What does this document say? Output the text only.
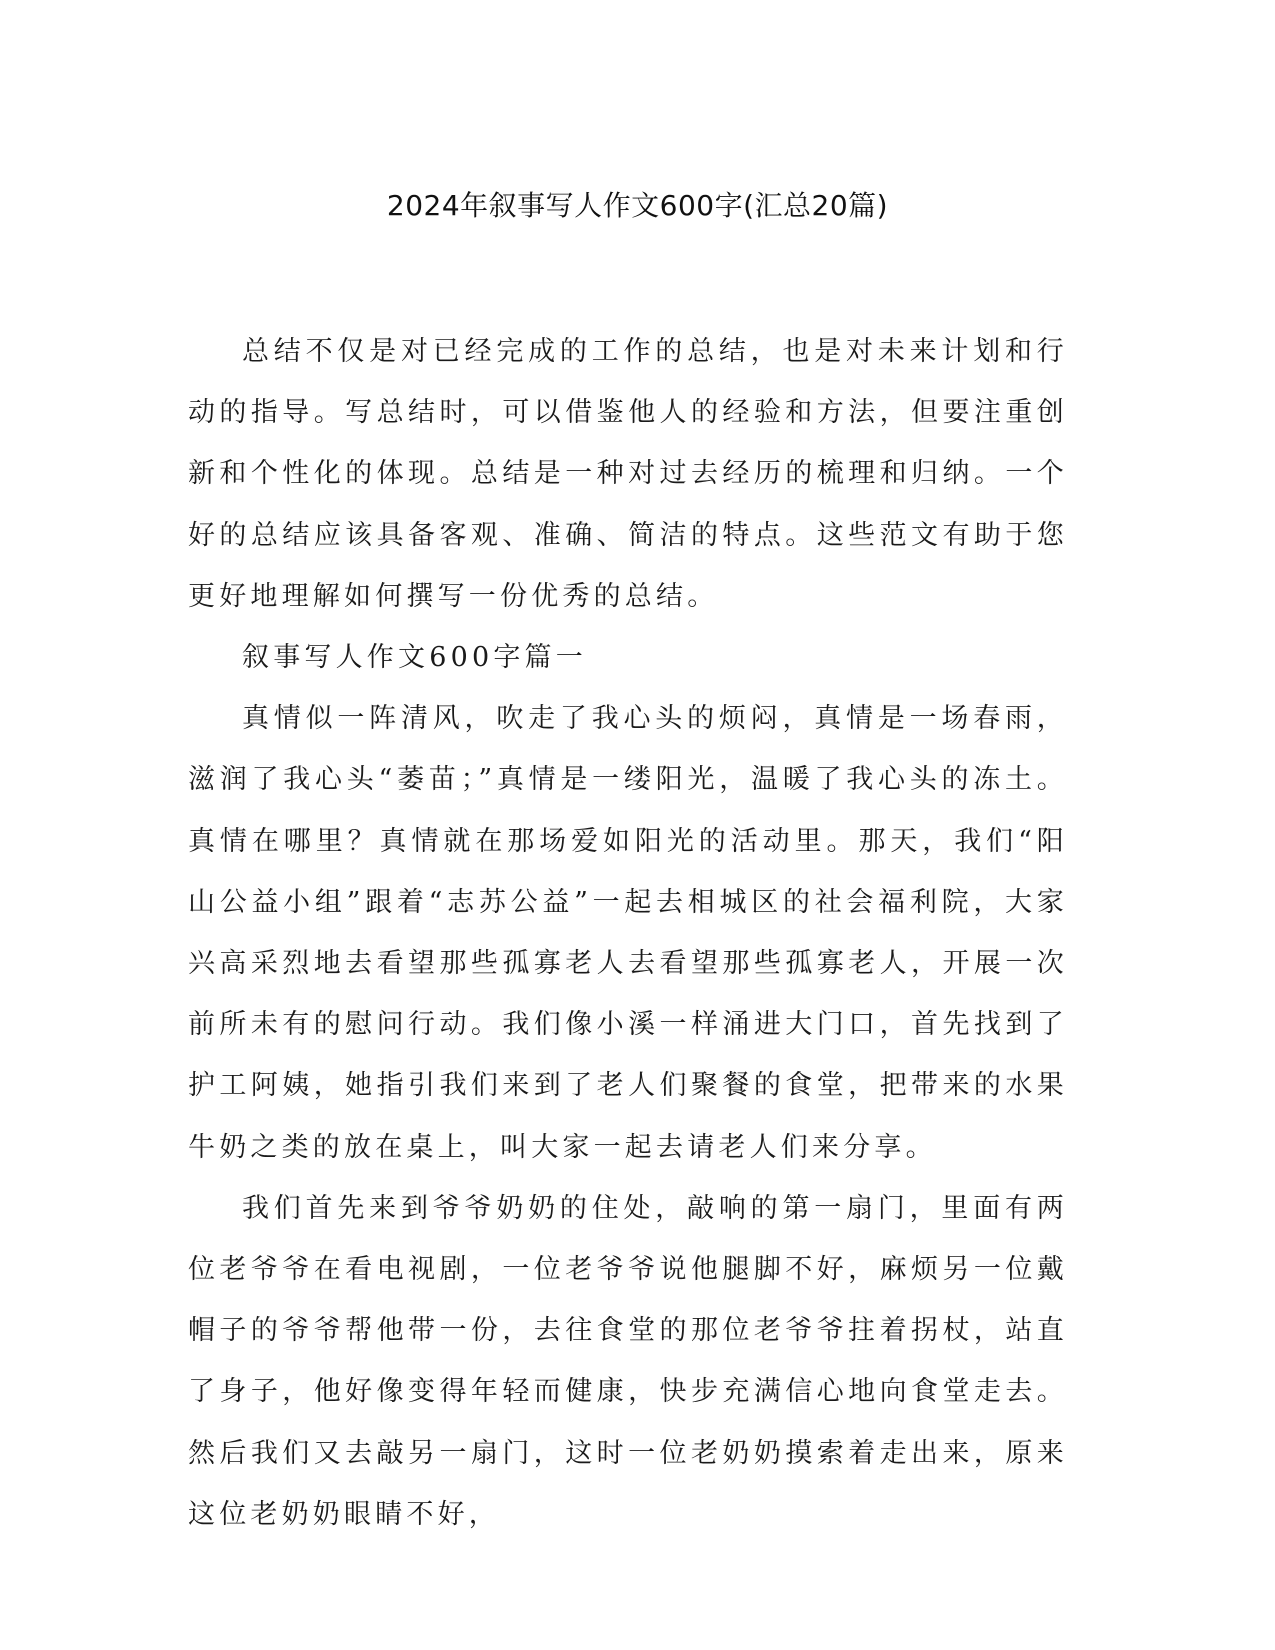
2024年叙事写人作文600字(汇总20篇)

总结不仅是对已经完成的工作的总结，也是对未来计划和行动的指导。写总结时，可以借鉴他人的经验和方法，但要注重创新和个性化的体现。总结是一种对过去经历的梳理和归纳。一个好的总结应该具备客观、准确、简洁的特点。这些范文有助于您更好地理解如何撰写一份优秀的总结。

叙事写人作文600字篇一

真情似一阵清风，吹走了我心头的烦闷，真情是一场春雨，滋润了我心头“萎苗；”真情是一缕阳光，温暖了我心头的冻土。真情在哪里？真情就在那场爱如阳光的活动里。那天，我们“阳山公益小组”跟着“志苏公益”一起去相城区的社会福利院，大家兴高采烈地去看望那些孤寡老人去看望那些孤寡老人，开展一次前所未有的慰问行动。我们像小溪一样涌进大门口，首先找到了护工阿姨，她指引我们来到了老人们聚餐的食堂，把带来的水果牛奶之类的放在桌上，叫大家一起去请老人们来分享。

我们首先来到爷爷奶奶的住处，敲响的第一扇门，里面有两位老爷爷在看电视剧，一位老爷爷说他腿脚不好，麻烦另一位戴帽子的爷爷帮他带一份，去往食堂的那位老爷爷拄着拐杖，站直了身子，他好像变得年轻而健康，快步充满信心地向食堂走去。然后我们又去敲另一扇门，这时一位老奶奶摸索着走出来，原来这位老奶奶眼睛不好，
